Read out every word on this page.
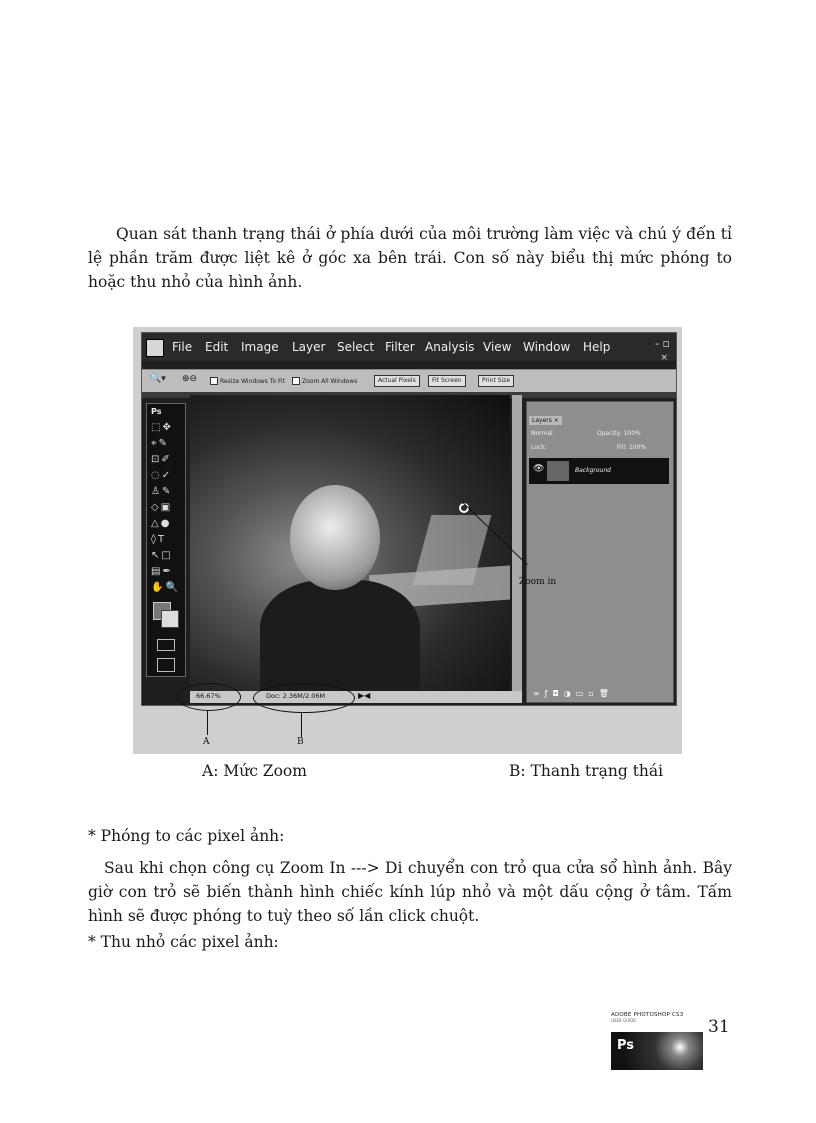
Quan sát thanh trạng thái ở phía dưới của môi trường làm việc và chú ý đến tỉ lệ phần trăm được liệt kê ở góc xa bên trái. Con số này biểu thị mức phóng to hoặc thu nhỏ của hình ảnh.

File Edit Image Layer Select Filter Analysis View Window Help	- ▫
×
🔍▾ ⊕⊖	Resize Windows To Fit	Zoom All Windows	Actual Pixels	Fit Screen	Print Size
Ps
⬚✥
⌖✎
⊡✐
◌✓
♙✎
◇▣
△●
◊T
↖□
▤✒
✋🔍
66.67%	Doc: 2.36M/2.06M	▶◀
Layers ×
Normal	Opacity: 100%
Lock:	Fill: 100%
👁	Background
∞ƒ◘◑▭▫🗑
Zoom in
A	B
A: Mức Zoom	B: Thanh trạng thái

* Phóng to các pixel ảnh:

Sau khi chọn công cụ Zoom In ---> Di chuyển con trỏ qua cửa sổ hình ảnh. Bây giờ con trỏ sẽ biến thành hình chiếc kính lúp nhỏ và một dấu cộng ở tâm. Tấm hình sẽ được phóng to tuỳ theo số lần click chuột.

* Thu nhỏ các pixel ảnh:

ADOBE PHOTOSHOP CS3
USER GUIDE
Ps
31
